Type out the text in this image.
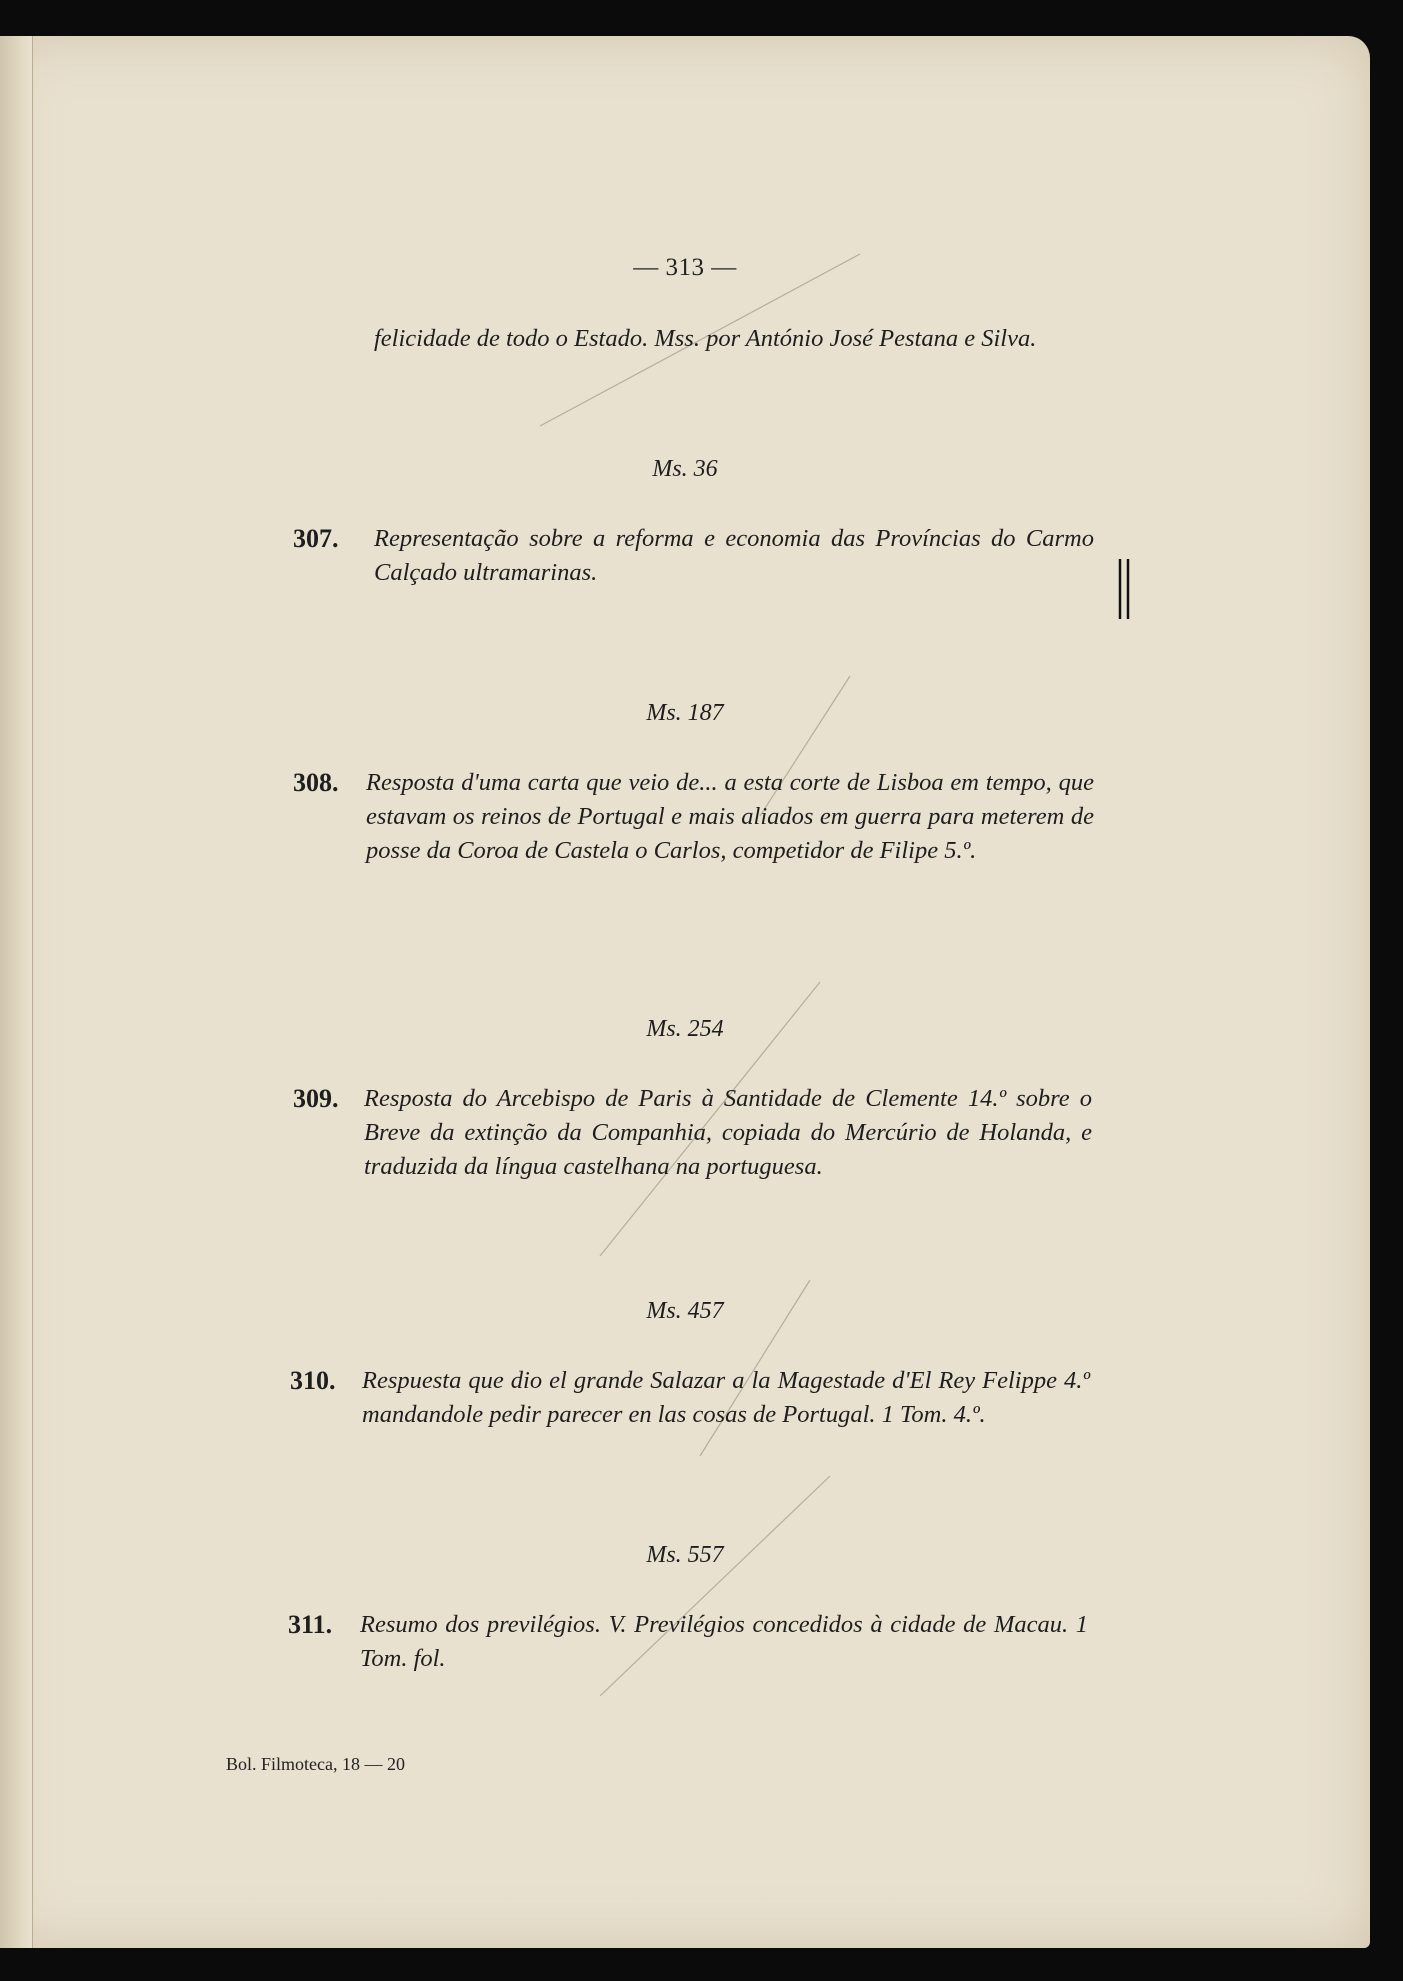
— 313 —
felicidade de todo o Estado. Mss. por António José Pestana e Silva.
Ms. 36
307. Representação sobre a reforma e economia das Províncias do Carmo Calçado ultramarinas.
Ms. 187
308. Resposta d'uma carta que veio de... a esta corte de Lisboa em tempo, que estavam os reinos de Portugal e mais aliados em guerra para meterem de posse da Coroa de Castela o Carlos, competidor de Filipe 5.º.
Ms. 254
309. Resposta do Arcebispo de Paris à Santidade de Clemente 14.º sobre o Breve da extinção da Companhia, copiada do Mercúrio de Holanda, e traduzida da língua castelhana na portuguesa.
Ms. 457
310. Respuesta que dio el grande Salazar a la Magestade d'El Rey Felippe 4.º mandandole pedir parecer en las cosas de Portugal. 1 Tom. 4.º.
Ms. 557
311. Resumo dos previlégios. V. Previlégios concedidos à cidade de Macau. 1 Tom. fol.
Bol. Filmoteca, 18 — 20
